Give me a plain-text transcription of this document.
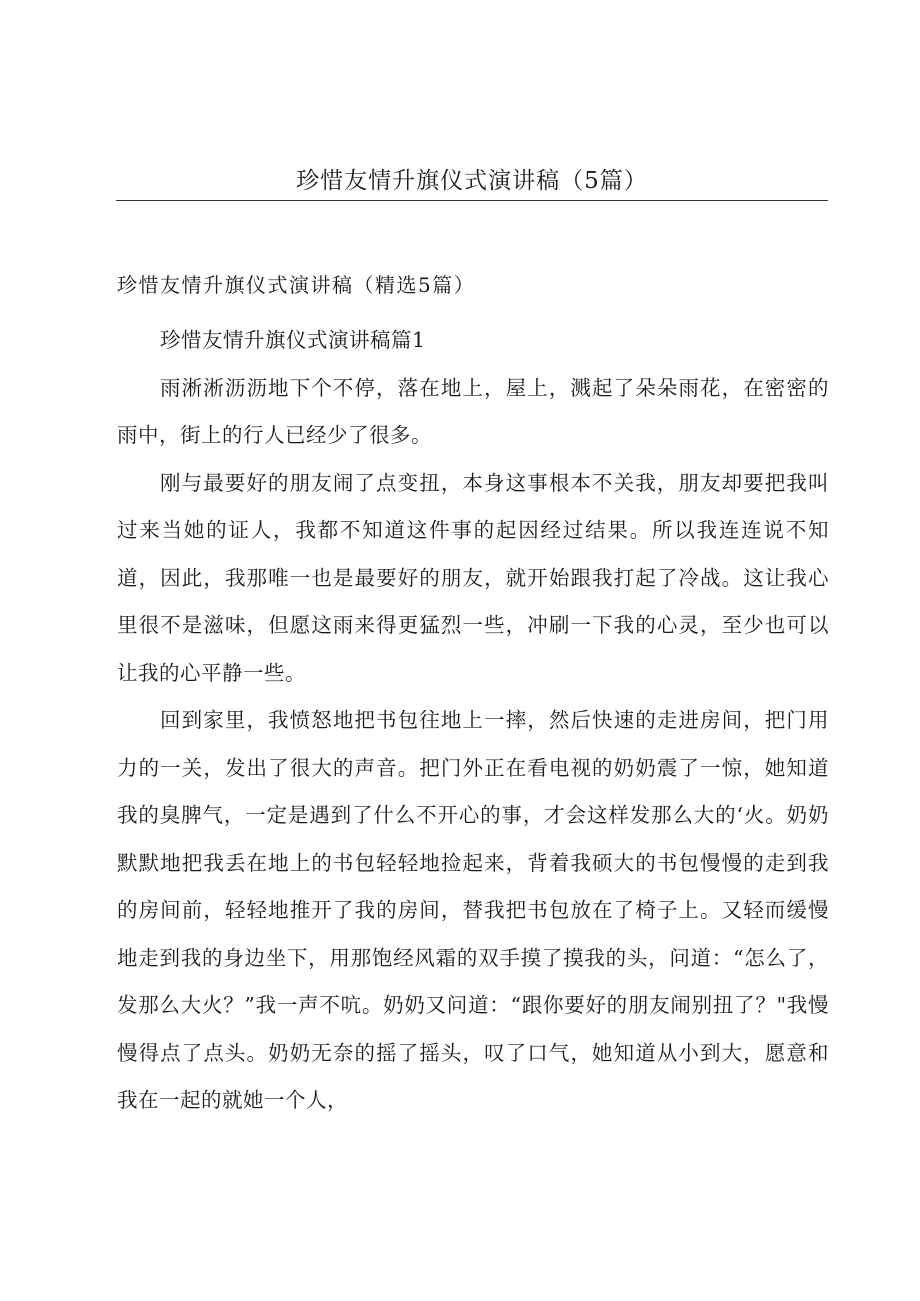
珍惜友情升旗仪式演讲稿（5篇）

珍惜友情升旗仪式演讲稿（精选5篇）

珍惜友情升旗仪式演讲稿篇1

雨淅淅沥沥地下个不停，落在地上，屋上，溅起了朵朵雨花，在密密的雨中，街上的行人已经少了很多。

刚与最要好的朋友闹了点变扭，本身这事根本不关我，朋友却要把我叫过来当她的证人，我都不知道这件事的起因经过结果。所以我连连说不知道，因此，我那唯一也是最要好的朋友，就开始跟我打起了冷战。这让我心里很不是滋味，但愿这雨来得更猛烈一些，冲刷一下我的心灵，至少也可以让我的心平静一些。

回到家里，我愤怒地把书包往地上一摔，然后快速的走进房间，把门用力的一关，发出了很大的声音。把门外正在看电视的奶奶震了一惊，她知道我的臭脾气，一定是遇到了什么不开心的事，才会这样发那么大的‘火。奶奶默默地把我丢在地上的书包轻轻地捡起来，背着我硕大的书包慢慢的走到我的房间前，轻轻地推开了我的房间，替我把书包放在了椅子上。又轻而缓慢地走到我的身边坐下，用那饱经风霜的双手摸了摸我的头，问道：“怎么了，发那么大火？”我一声不吭。奶奶又问道：“跟你要好的朋友闹别扭了？"我慢慢得点了点头。奶奶无奈的摇了摇头，叹了口气，她知道从小到大，愿意和我在一起的就她一个人，
